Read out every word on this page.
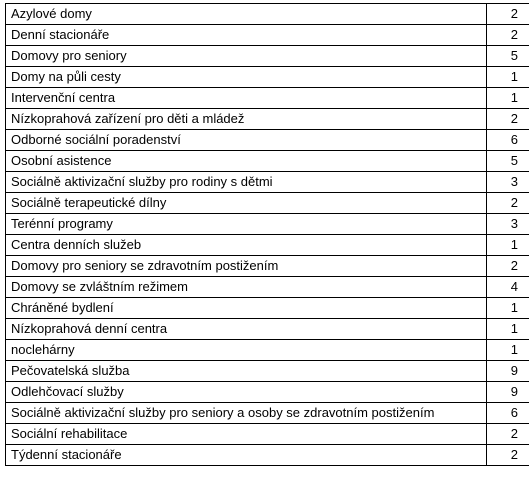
Azylové domy	2
Denní stacionáře	2
Domovy pro seniory	5
Domy na půli cesty	1
Intervenční centra	1
Nízkoprahová zařízení pro děti a mládež	2
Odborné sociální poradenství	6
Osobní asistence	5
Sociálně aktivizační služby pro rodiny s dětmi	3
Sociálně terapeutické dílny	2
Terénní programy	3
Centra denních služeb	1
Domovy pro seniory se zdravotním postižením	2
Domovy se zvláštním režimem	4
Chráněné bydlení	1
Nízkoprahová denní centra	1
noclehárny	1
Pečovatelská služba	9
Odlehčovací služby	9
Sociálně aktivizační služby pro seniory a osoby se zdravotním postižením	6
Sociální rehabilitace	2
Týdenní stacionáře	2
